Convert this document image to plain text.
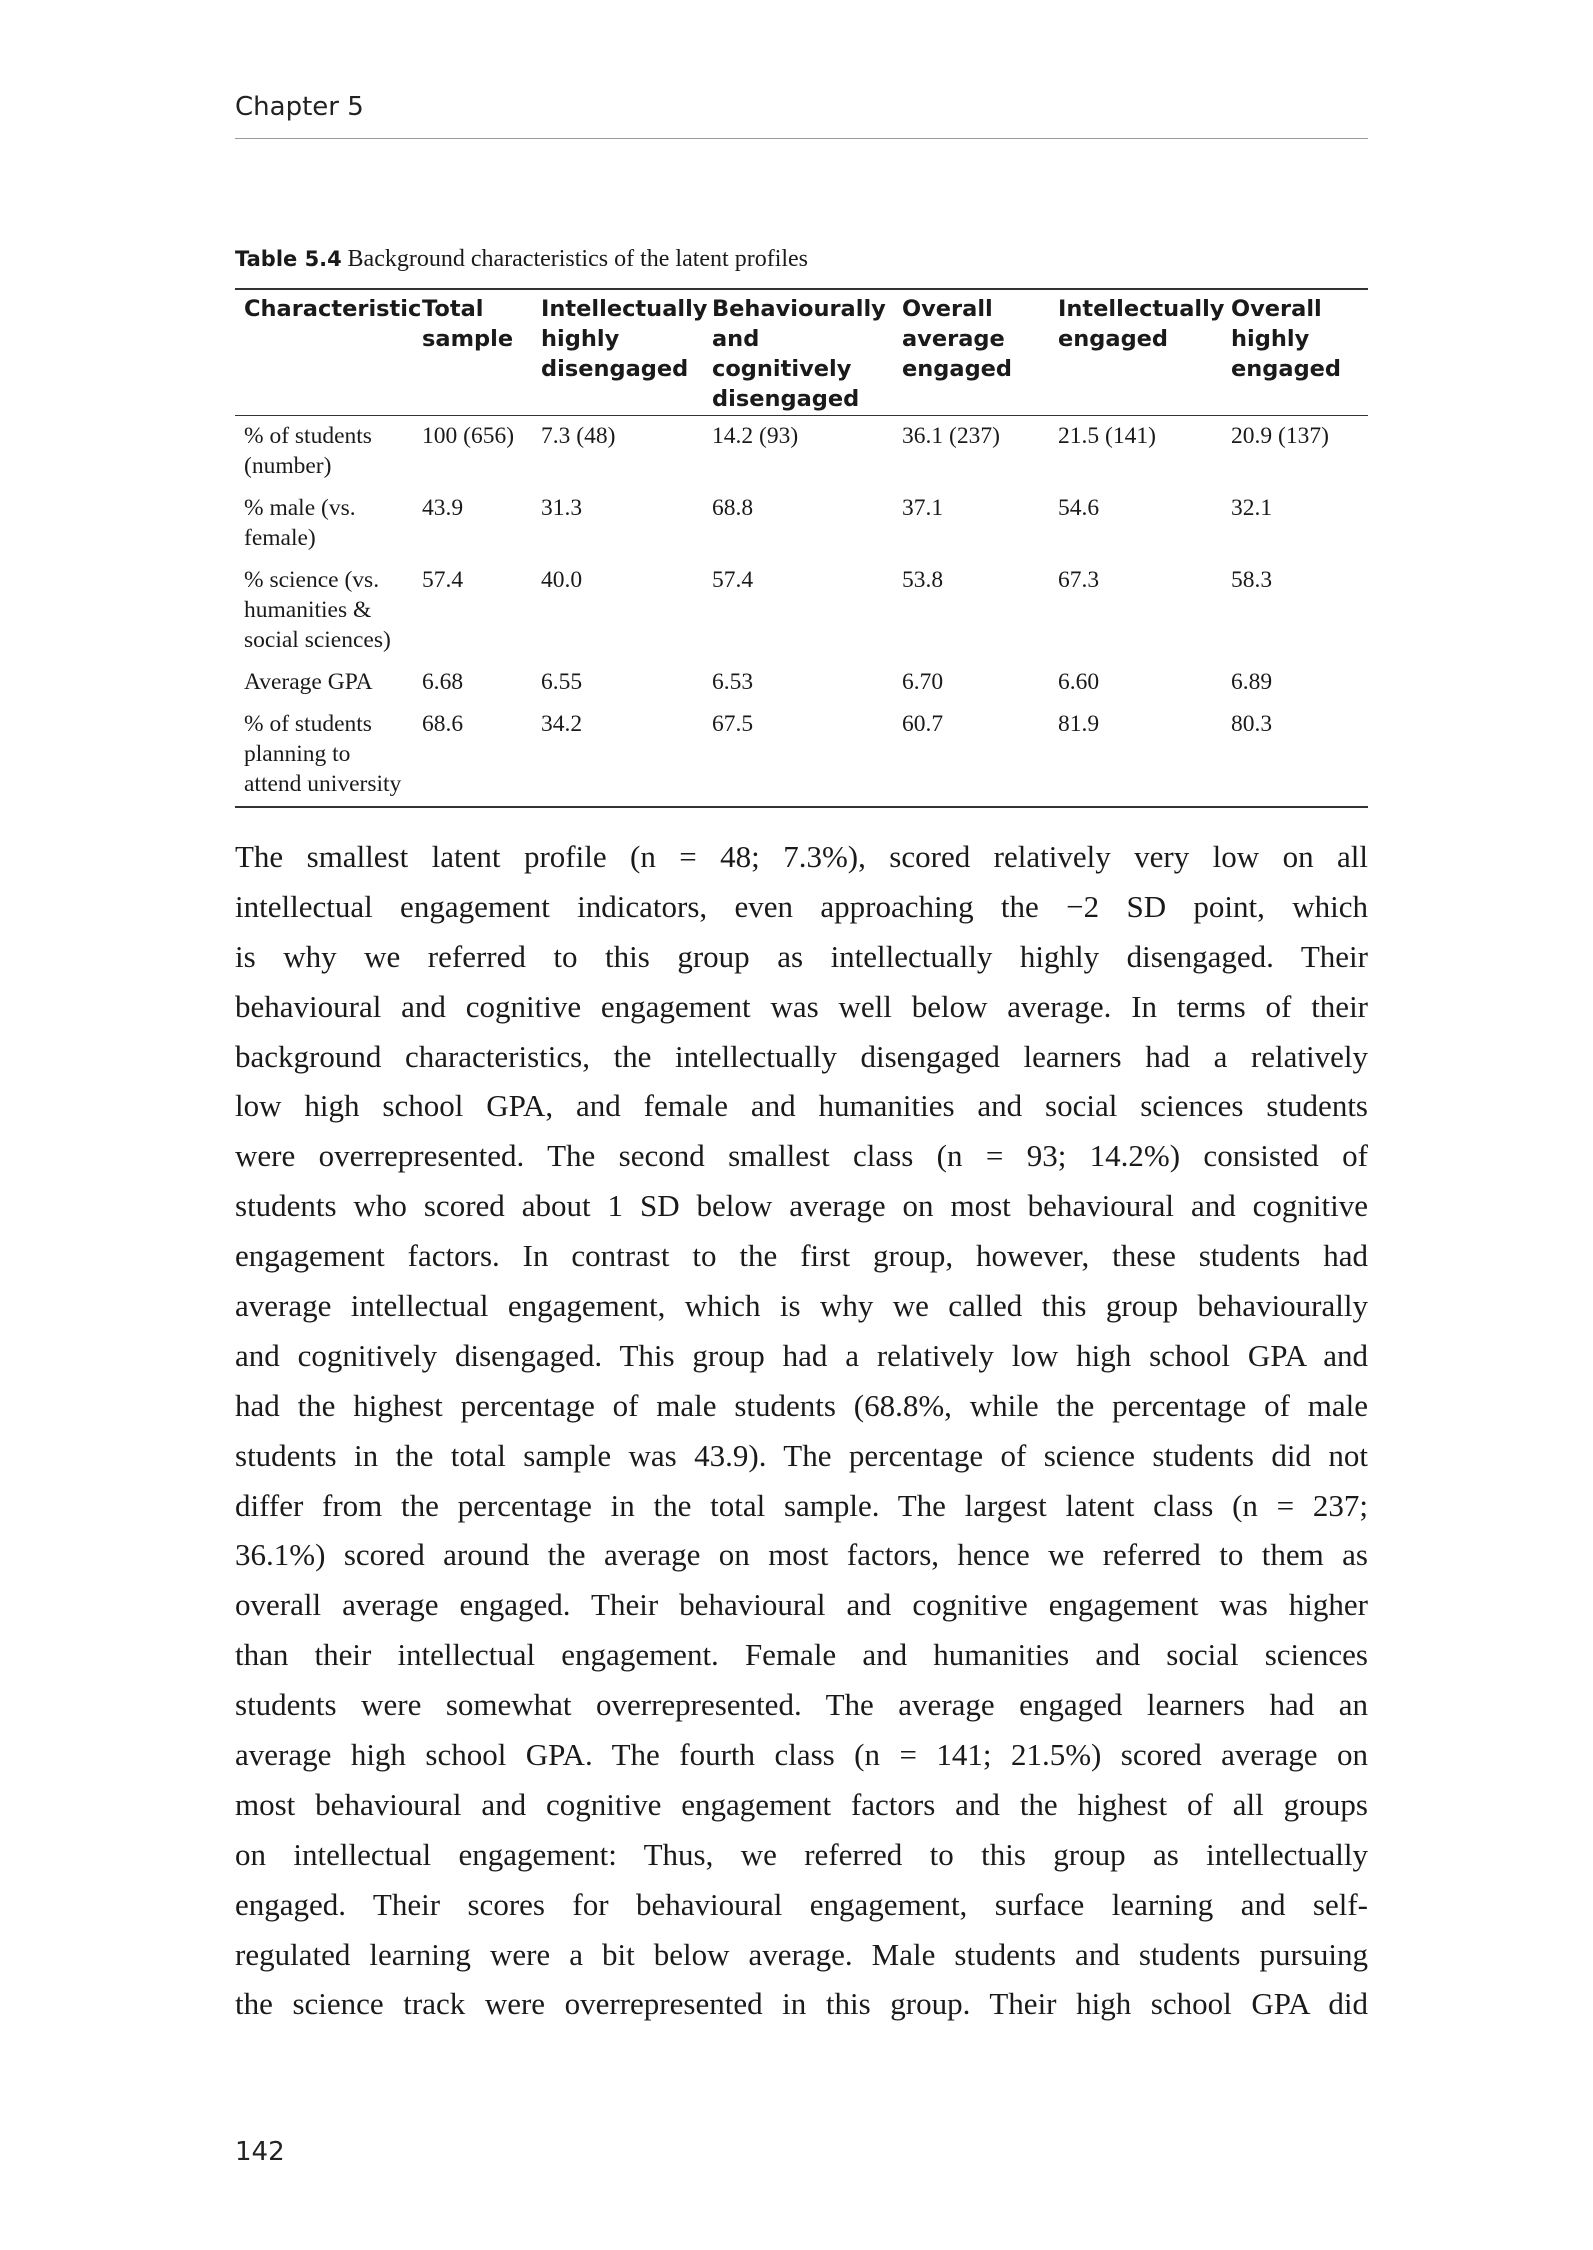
Chapter 5
Table 5.4 Background characteristics of the latent profiles
Characteristic	Total sample	Intellectually highly disengaged	Behaviourally and cognitively disengaged	Overall average engaged	Intellectually engaged	Overall highly engaged
% of students (number)	100 (656)	7.3 (48)	14.2 (93)	36.1 (237)	21.5 (141)	20.9 (137)
% male (vs. female)	43.9	31.3	68.8	37.1	54.6	32.1
% science (vs. humanities & social sciences)	57.4	40.0	57.4	53.8	67.3	58.3
Average GPA	6.68	6.55	6.53	6.70	6.60	6.89
% of students planning to attend university	68.6	34.2	67.5	60.7	81.9	80.3

The smallest latent profile (n = 48; 7.3%), scored relatively very low on all
intellectual engagement indicators, even approaching the −2 SD point, which
is why we referred to this group as intellectually highly disengaged. Their
behavioural and cognitive engagement was well below average. In terms of their
background characteristics, the intellectually disengaged learners had a relatively
low high school GPA, and female and humanities and social sciences students
were overrepresented. The second smallest class (n = 93; 14.2%) consisted of
students who scored about 1 SD below average on most behavioural and cognitive
engagement factors. In contrast to the first group, however, these students had
average intellectual engagement, which is why we called this group behaviourally
and cognitively disengaged. This group had a relatively low high school GPA and
had the highest percentage of male students (68.8%, while the percentage of male
students in the total sample was 43.9). The percentage of science students did not
differ from the percentage in the total sample. The largest latent class (n = 237;
36.1%) scored around the average on most factors, hence we referred to them as
overall average engaged. Their behavioural and cognitive engagement was higher
than their intellectual engagement. Female and humanities and social sciences
students were somewhat overrepresented. The average engaged learners had an
average high school GPA. The fourth class (n = 141; 21.5%) scored average on
most behavioural and cognitive engagement factors and the highest of all groups
on intellectual engagement: Thus, we referred to this group as intellectually
engaged. Their scores for behavioural engagement, surface learning and self-
regulated learning were a bit below average. Male students and students pursuing
the science track were overrepresented in this group. Their high school GPA did

142
